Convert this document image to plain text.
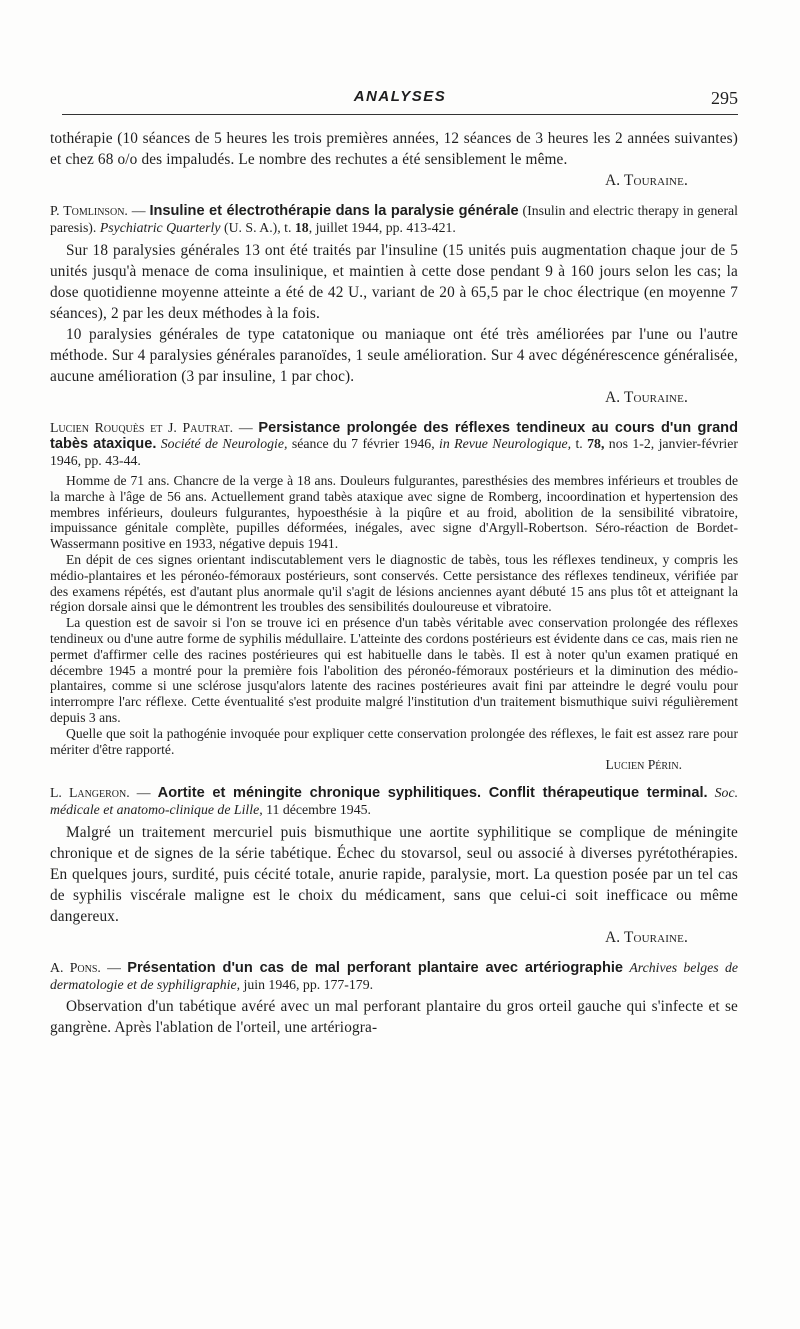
ANALYSES	295

tothérapie (10 séances de 5 heures les trois premières années, 12 séances de 3 heures les 2 années suivantes) et chez 68 o/o des impaludés. Le nombre des rechutes a été sensiblement le même.

A. Touraine.

P. Tomlinson. — Insuline et électrothérapie dans la paralysie générale (Insulin and electric therapy in general paresis). Psychiatric Quarterly (U. S. A.), t. 18, juillet 1944, pp. 413-421.

Sur 18 paralysies générales 13 ont été traités par l'insuline (15 unités puis augmentation chaque jour de 5 unités jusqu'à menace de coma insulinique, et maintien à cette dose pendant 9 à 160 jours selon les cas; la dose quotidienne moyenne atteinte a été de 42 U., variant de 20 à 65,5 par le choc électrique (en moyenne 7 séances), 2 par les deux méthodes à la fois.

10 paralysies générales de type catatonique ou maniaque ont été très améliorées par l'une ou l'autre méthode. Sur 4 paralysies générales paranoïdes, 1 seule amélioration. Sur 4 avec dégénérescence généralisée, aucune amélioration (3 par insuline, 1 par choc).

A. Touraine.

Lucien Rouquès et J. Pautrat. — Persistance prolongée des réflexes tendineux au cours d'un grand tabès ataxique. Société de Neurologie, séance du 7 février 1946, in Revue Neurologique, t. 78, nos 1-2, janvier-février 1946, pp. 43-44.

Homme de 71 ans. Chancre de la verge à 18 ans. Douleurs fulgurantes, paresthésies des membres inférieurs et troubles de la marche à l'âge de 56 ans. Actuellement grand tabès ataxique avec signe de Romberg, incoordination et hypertension des membres inférieurs, douleurs fulgurantes, hypoesthésie à la piqûre et au froid, abolition de la sensibilité vibratoire, impuissance génitale complète, pupilles déformées, inégales, avec signe d'Argyll-Robertson. Séro-réaction de Bordet-Wassermann positive en 1933, négative depuis 1941.

En dépit de ces signes orientant indiscutablement vers le diagnostic de tabès, tous les réflexes tendineux, y compris les médio-plantaires et les péronéo-fémoraux postérieurs, sont conservés. Cette persistance des réflexes tendineux, vérifiée par des examens répétés, est d'autant plus anormale qu'il s'agit de lésions anciennes ayant débuté 15 ans plus tôt et atteignant la région dorsale ainsi que le démontrent les troubles des sensibilités douloureuse et vibratoire.

La question est de savoir si l'on se trouve ici en présence d'un tabès véritable avec conservation prolongée des réflexes tendineux ou d'une autre forme de syphilis médullaire. L'atteinte des cordons postérieurs est évidente dans ce cas, mais rien ne permet d'affirmer celle des racines postérieures qui est habituelle dans le tabès. Il est à noter qu'un examen pratiqué en décembre 1945 a montré pour la première fois l'abolition des péronéo-fémoraux postérieurs et la diminution des médio-plantaires, comme si une sclérose jusqu'alors latente des racines postérieures avait fini par atteindre le degré voulu pour interrompre l'arc réflexe. Cette éventualité s'est produite malgré l'institution d'un traitement bismuthique suivi régulièrement depuis 3 ans.

Quelle que soit la pathogénie invoquée pour expliquer cette conservation prolongée des réflexes, le fait est assez rare pour mériter d'être rapporté.

Lucien Périn.

L. Langeron. — Aortite et méningite chronique syphilitiques. Conflit thérapeutique terminal. Soc. médicale et anatomo-clinique de Lille, 11 décembre 1945.

Malgré un traitement mercuriel puis bismuthique une aortite syphilitique se complique de méningite chronique et de signes de la série tabétique. Échec du stovarsol, seul ou associé à diverses pyrétothérapies. En quelques jours, surdité, puis cécité totale, anurie rapide, paralysie, mort. La question posée par un tel cas de syphilis viscérale maligne est le choix du médicament, sans que celui-ci soit inefficace ou même dangereux.

A. Touraine.

A. Pons. — Présentation d'un cas de mal perforant plantaire avec artériographie Archives belges de dermatologie et de syphiligraphie, juin 1946, pp. 177-179.

Observation d'un tabétique avéré avec un mal perforant plantaire du gros orteil gauche qui s'infecte et se gangrène. Après l'ablation de l'orteil, une artériogra-
